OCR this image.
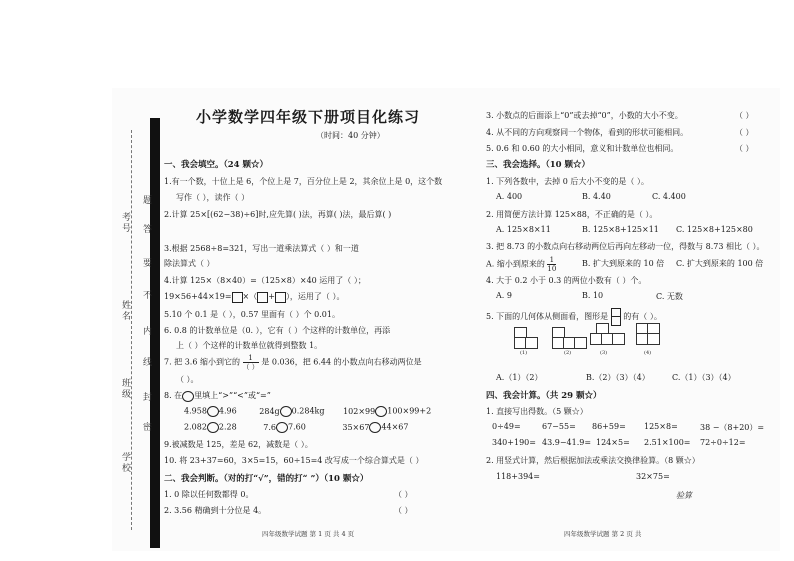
学校
班级
姓名
考号
密
封
线
内
不
要
答
题
小学数学四年级下册项目化练习
（时间：40 分钟）
一、我会填空。（24 颗☆）
1.有一个数，十位上是 6，个位上是 7，百分位上是 2，其余位上是 0，这个数
写作（ ），读作（ ）
2.计算 25×[(62−38)÷6]时,应先算( )法，再算( )法，最后算( )
3.根据 2568÷8=321，写出一道乘法算式（ ）和一道
除法算式（ ）
4.计算 125×（8×40）=（125×8）×40 运用了（ ）；
19×56+44×19= ×（ + ），运用了（ ）。
5.10 个 0.1 是（ ），0.57 里面有（ ）个 0.01。
6. 0.8 的计数单位是（0. ），它有（ ）个这样的计数单位，再添
上（ ）个这样的计数单位就得到整数 1。
7. 把 3.6 缩小到它的 $\frac{1}{( )}$ 是 0.036，把 6.44 的小数点向右移动两位是
（ ）。
8. 在 里填上“>”“<”或“=”
4.958 4.96	284g 0.284kg 102×99 100×99+2
2.082 2.28	7.6 7.60	35×67 44×67
9.被减数是 125，差是 62，减数是（ ）。
10. 将 23+37=60，3×5=15，60÷15=4 改写成一个综合算式是（ ）
二、我会判断。（对的打“√”，错的打“ ”）（10 颗☆）
1. 0 除以任何数都得 0。	（ ）
2. 3.56 精确到十分位是 4。	（ ）
四年级数学试题 第 1 页 共 4 页
3. 小数点的后面添上“0”或去掉“0”，小数的大小不变。	（ ）
4. 从不同的方向观察同一个物体，看到的形状可能相同。	（ ）
5. 0.6 和 0.60 的大小相同，意义和计数单位也相同。	（ ）
三、我会选择。（10 颗☆）
1. 下列各数中，去掉 0 后大小不变的是（ ）。
A. 400	B. 4.40	C. 4.400
2. 用简便方法计算 125×88，不正确的是（ ）。
A. 125×8×11	B. 125×8+125×11 C. 125×8+125×80
3. 把 8.73 的小数点向右移动两位后再向左移动一位，得数与 8.73 相比（ ）。
A. 缩小到原来的 $\frac{1}{10}$	B. 扩大到原来的 10 倍 C. 扩大到原来的 100 倍
4. 大于 0.2 小于 0.3 的两位小数有（ ）个。
A. 9	B. 10	C. 无数
5. 下面的几何体从侧面看，图形是 的有（ ）。
(1)	(2)	(3)	(4)
A.（1）（2）	B.（2）（3）（4）	C.（1）（3）（4）
四、我会计算。（共 29 颗☆）
1. 直接写出得数。（5 颗☆）
0÷49=	67−55= 86+59= 125×8=	38 −（8+20）=
340+190= 43.9−41.9= 124×5= 2.51×100= 72÷0÷12=
2. 用竖式计算，然后根据加法或乘法交换律验算。（8 颗☆）
118+394=	32×75=
验算
四年级数学试题 第 2 页 共
